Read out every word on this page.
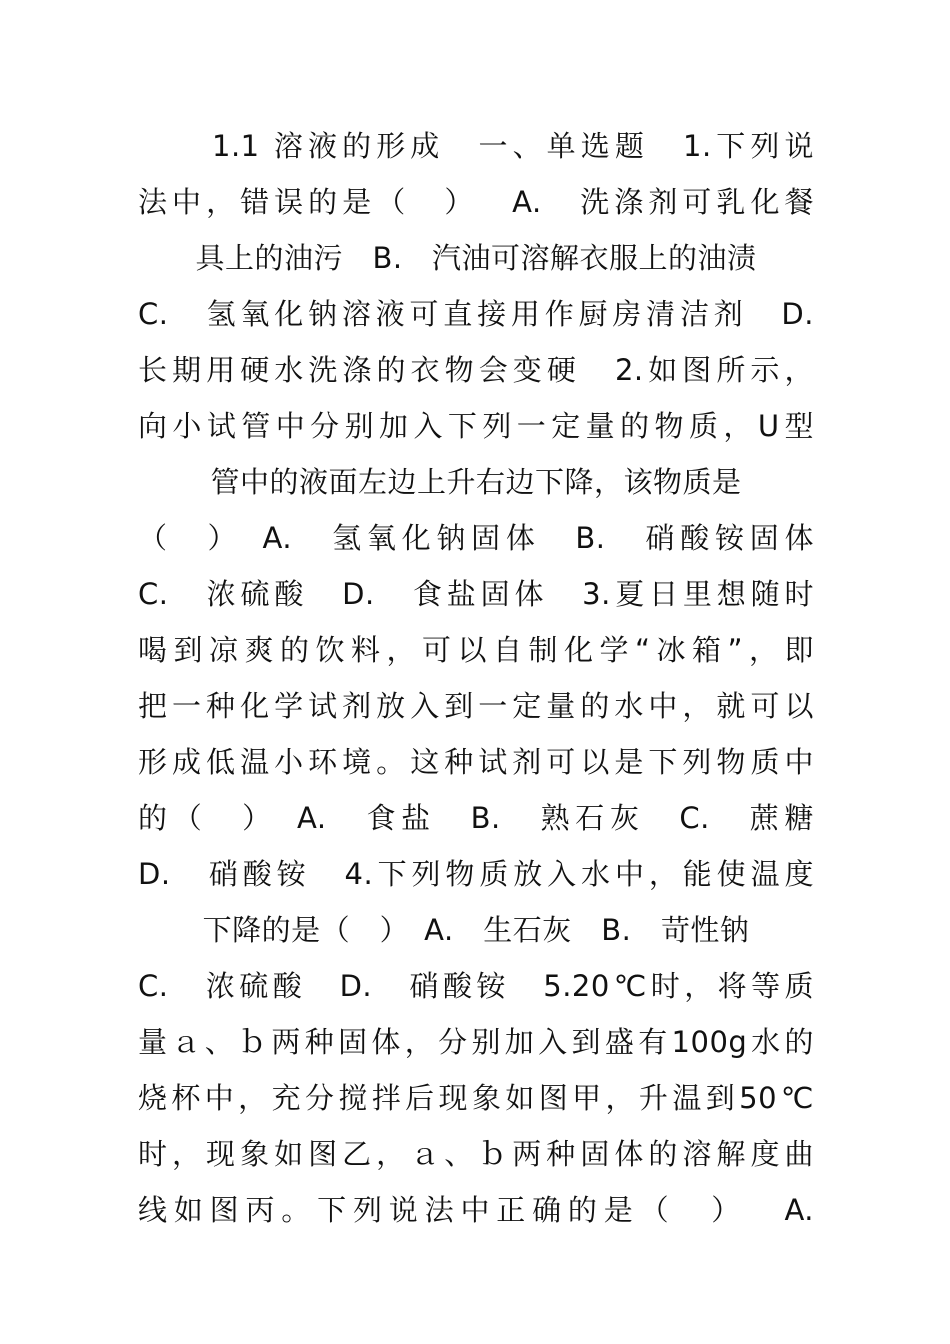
1.1 溶液的形成　一、单选题　1.下列说
法中，错误的是（　）　 A.　洗涤剂可乳化餐
具上的油污　B.　汽油可溶解衣服上的油渍
C.　氢氧化钠溶液可直接用作厨房清洁剂　D.
长期用硬水洗涤的衣物会变硬　2.如图所示，
向小试管中分别加入下列一定量的物质，U型
管中的液面左边上升右边下降，该物质是
（　）　A.　氢氧化钠固体　B.　硝酸铵固体
C.　浓硫酸　D.　食盐固体　3.夏日里想随时
喝到凉爽的饮料，可以自制化学“冰箱”，即
把一种化学试剂放入到一定量的水中，就可以
形成低温小环境。这种试剂可以是下列物质中
的（　）　A.　食盐　B.　熟石灰　C.　蔗糖
D.　硝酸铵　4.下列物质放入水中，能使温度
下降的是（　）　A.　生石灰　B.　苛性钠
C.　浓硫酸　D.　硝酸铵　5.20℃时，将等质
量ａ、ｂ两种固体，分别加入到盛有100g水的
烧杯中，充分搅拌后现象如图甲，升温到50℃
时，现象如图乙，ａ、ｂ两种固体的溶解度曲
线如图丙。下列说法中正确的是（　）　 A.
